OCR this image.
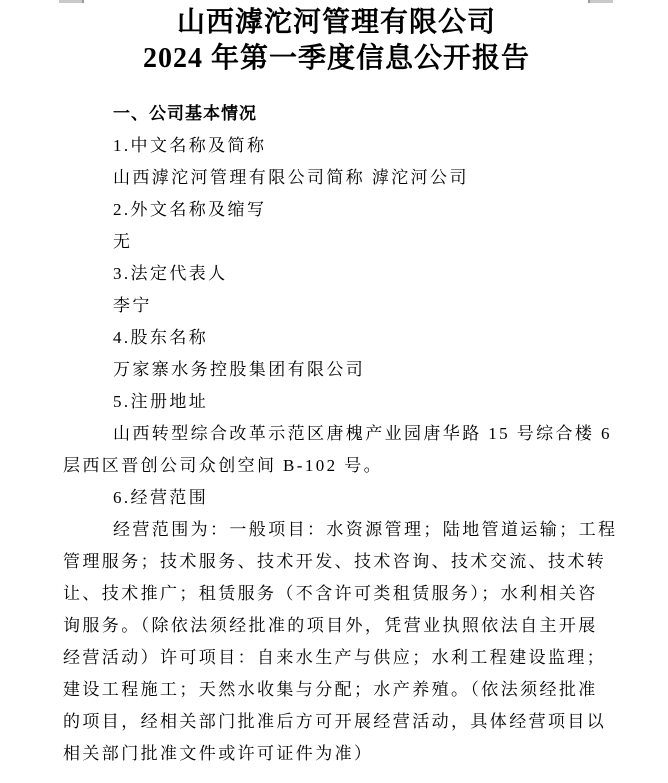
山西滹沱河管理有限公司
2024 年第一季度信息公开报告
一、公司基本情况
1.中文名称及简称
山西滹沱河管理有限公司简称 滹沱河公司
2.外文名称及缩写
无
3.法定代表人
李宁
4.股东名称
万家寨水务控股集团有限公司
5.注册地址
山西转型综合改革示范区唐槐产业园唐华路 15 号综合楼 6
层西区晋创公司众创空间 B-102 号。
6.经营范围
经营范围为：一般项目：水资源管理；陆地管道运输；工程
管理服务；技术服务、技术开发、技术咨询、技术交流、技术转
让、技术推广；租赁服务（不含许可类租赁服务）；水利相关咨
询服务。（除依法须经批准的项目外，凭营业执照依法自主开展
经营活动）许可项目：自来水生产与供应；水利工程建设监理；
建设工程施工；天然水收集与分配；水产养殖。（依法须经批准
的项目，经相关部门批准后方可开展经营活动，具体经营项目以
相关部门批准文件或许可证件为准）
